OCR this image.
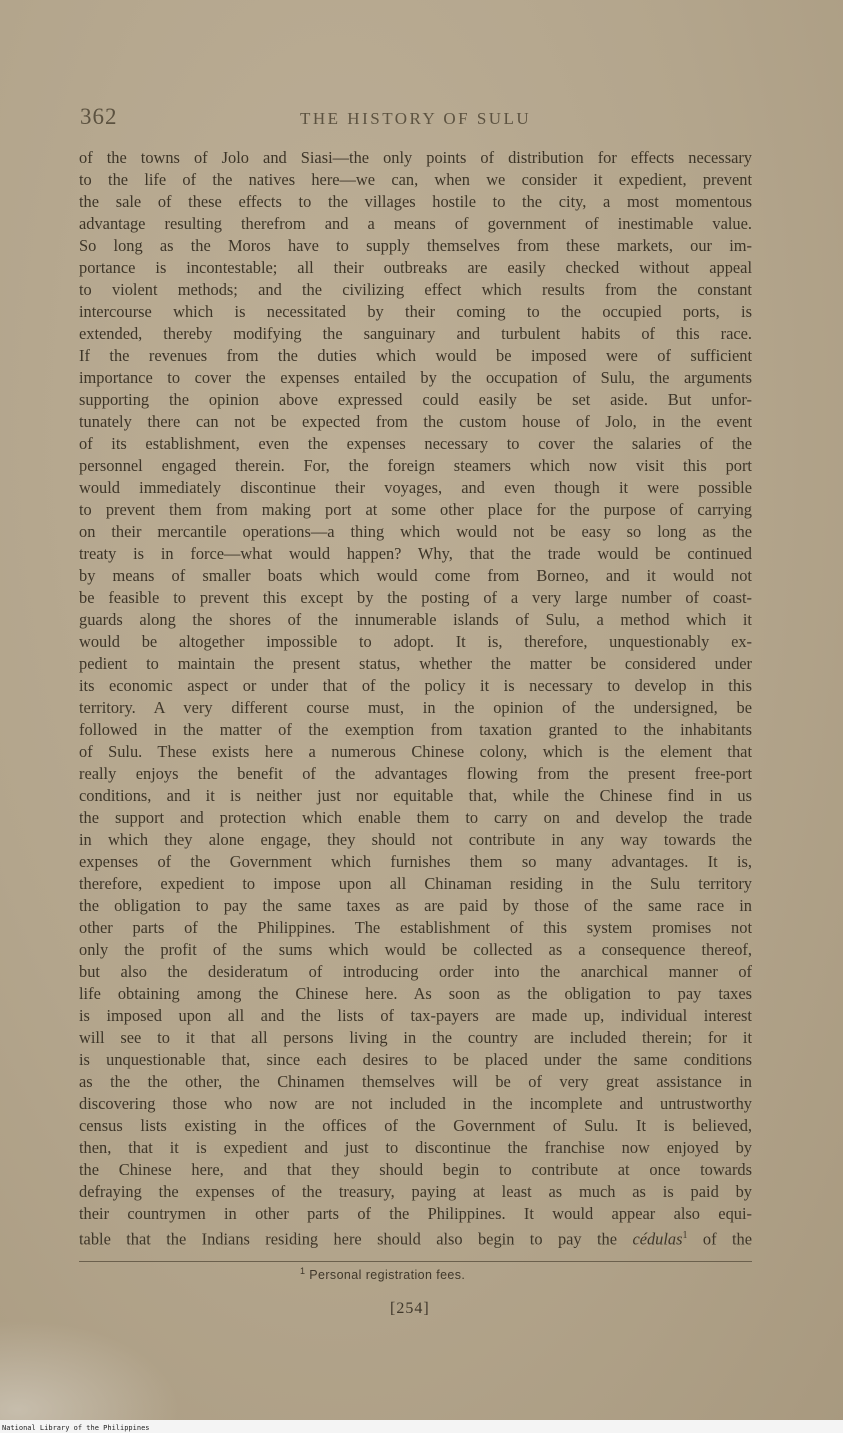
362	THE HISTORY OF SULU
of the towns of Jolo and Siasi—the only points of distribution for effects necessary
to the life of the natives here—we can, when we consider it expedient, prevent
the sale of these effects to the villages hostile to the city, a most momentous
advantage resulting therefrom and a means of government of inestimable value.
So long as the Moros have to supply themselves from these markets, our im-
portance is incontestable; all their outbreaks are easily checked without appeal
to violent methods; and the civilizing effect which results from the constant
intercourse which is necessitated by their coming to the occupied ports, is
extended, thereby modifying the sanguinary and turbulent habits of this race.
If the revenues from the duties which would be imposed were of sufficient
importance to cover the expenses entailed by the occupation of Sulu, the arguments
supporting the opinion above expressed could easily be set aside. But unfor-
tunately there can not be expected from the custom house of Jolo, in the event
of its establishment, even the expenses necessary to cover the salaries of the
personnel engaged therein. For, the foreign steamers which now visit this port
would immediately discontinue their voyages, and even though it were possible
to prevent them from making port at some other place for the purpose of carrying
on their mercantile operations—a thing which would not be easy so long as the
treaty is in force—what would happen? Why, that the trade would be continued
by means of smaller boats which would come from Borneo, and it would not
be feasible to prevent this except by the posting of a very large number of coast-
guards along the shores of the innumerable islands of Sulu, a method which it
would be altogether impossible to adopt. It is, therefore, unquestionably ex-
pedient to maintain the present status, whether the matter be considered under
its economic aspect or under that of the policy it is necessary to develop in this
territory. A very different course must, in the opinion of the undersigned, be
followed in the matter of the exemption from taxation granted to the inhabitants
of Sulu. These exists here a numerous Chinese colony, which is the element that
really enjoys the benefit of the advantages flowing from the present free-port
conditions, and it is neither just nor equitable that, while the Chinese find in us
the support and protection which enable them to carry on and develop the trade
in which they alone engage, they should not contribute in any way towards the
expenses of the Government which furnishes them so many advantages. It is,
therefore, expedient to impose upon all Chinaman residing in the Sulu territory
the obligation to pay the same taxes as are paid by those of the same race in
other parts of the Philippines. The establishment of this system promises not
only the profit of the sums which would be collected as a consequence thereof,
but also the desideratum of introducing order into the anarchical manner of
life obtaining among the Chinese here. As soon as the obligation to pay taxes
is imposed upon all and the lists of tax-payers are made up, individual interest
will see to it that all persons living in the country are included therein; for it
is unquestionable that, since each desires to be placed under the same conditions
as the the other, the Chinamen themselves will be of very great assistance in
discovering those who now are not included in the incomplete and untrustworthy
census lists existing in the offices of the Government of Sulu. It is believed,
then, that it is expedient and just to discontinue the franchise now enjoyed by
the Chinese here, and that they should begin to contribute at once towards
defraying the expenses of the treasury, paying at least as much as is paid by
their countrymen in other parts of the Philippines. It would appear also equi-
table that the Indians residing here should also begin to pay the cédulas$^1$ of the
$^1$ Personal registration fees.
[254]
National Library of the Philippines
